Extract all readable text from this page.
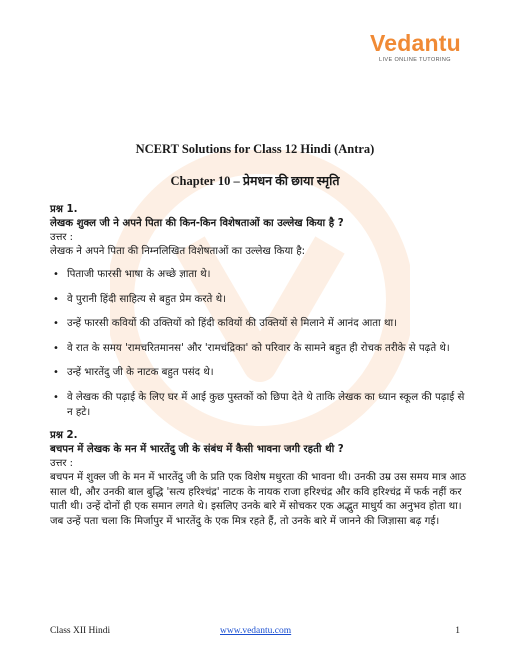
Vedantu
LIVE ONLINE TUTORING
NCERT Solutions for Class 12 Hindi (Antra)
Chapter 10 – प्रेमधन की छाया स्मृति
प्रश्न 1.
लेखक शुक्ल जी ने अपने पिता की किन-किन विशेषताओं का उल्लेख किया है ?
उत्तर :
लेखक ने अपने पिता की निम्नलिखित विशेषताओं का उल्लेख किया है:
• पिताजी फारसी भाषा के अच्छे ज्ञाता थे।
• वे पुरानी हिंदी साहित्य से बहुत प्रेम करते थे।
• उन्हें फारसी कवियों की उक्तियों को हिंदी कवियों की उक्तियों से मिलाने में आनंद आता था।
• वे रात के समय 'रामचरितमानस' और 'रामचंद्रिका' को परिवार के सामने बहुत ही रोचक तरीके से पढ़ते थे।
• उन्हें भारतेंदु जी के नाटक बहुत पसंद थे।
• वे लेखक की पढ़ाई के लिए घर में आई कुछ पुस्तकों को छिपा देते थे ताकि लेखक का ध्यान स्कूल की पढ़ाई से न हटे।
प्रश्न 2.
बचपन में लेखक के मन में भारतेंदु जी के संबंध में कैसी भावना जगी रहती थी ?
उत्तर :
बचपन में शुक्ल जी के मन में भारतेंदु जी के प्रति एक विशेष मधुरता की भावना थी। उनकी उम्र उस समय मात्र आठ साल थी, और उनकी बाल बुद्धि 'सत्य हरिश्चंद्र' नाटक के नायक राजा हरिश्चंद्र और कवि हरिश्चंद्र में फर्क नहीं कर पाती थी। उन्हें दोनों ही एक समान लगते थे। इसलिए उनके बारे में सोचकर एक अद्भुत माधुर्य का अनुभव होता था। जब उन्हें पता चला कि मिर्जापुर में भारतेंदु के एक मित्र रहते हैं, तो उनके बारे में जानने की जिज्ञासा बढ़ गई।
Class XII Hindi	www.vedantu.com	1
